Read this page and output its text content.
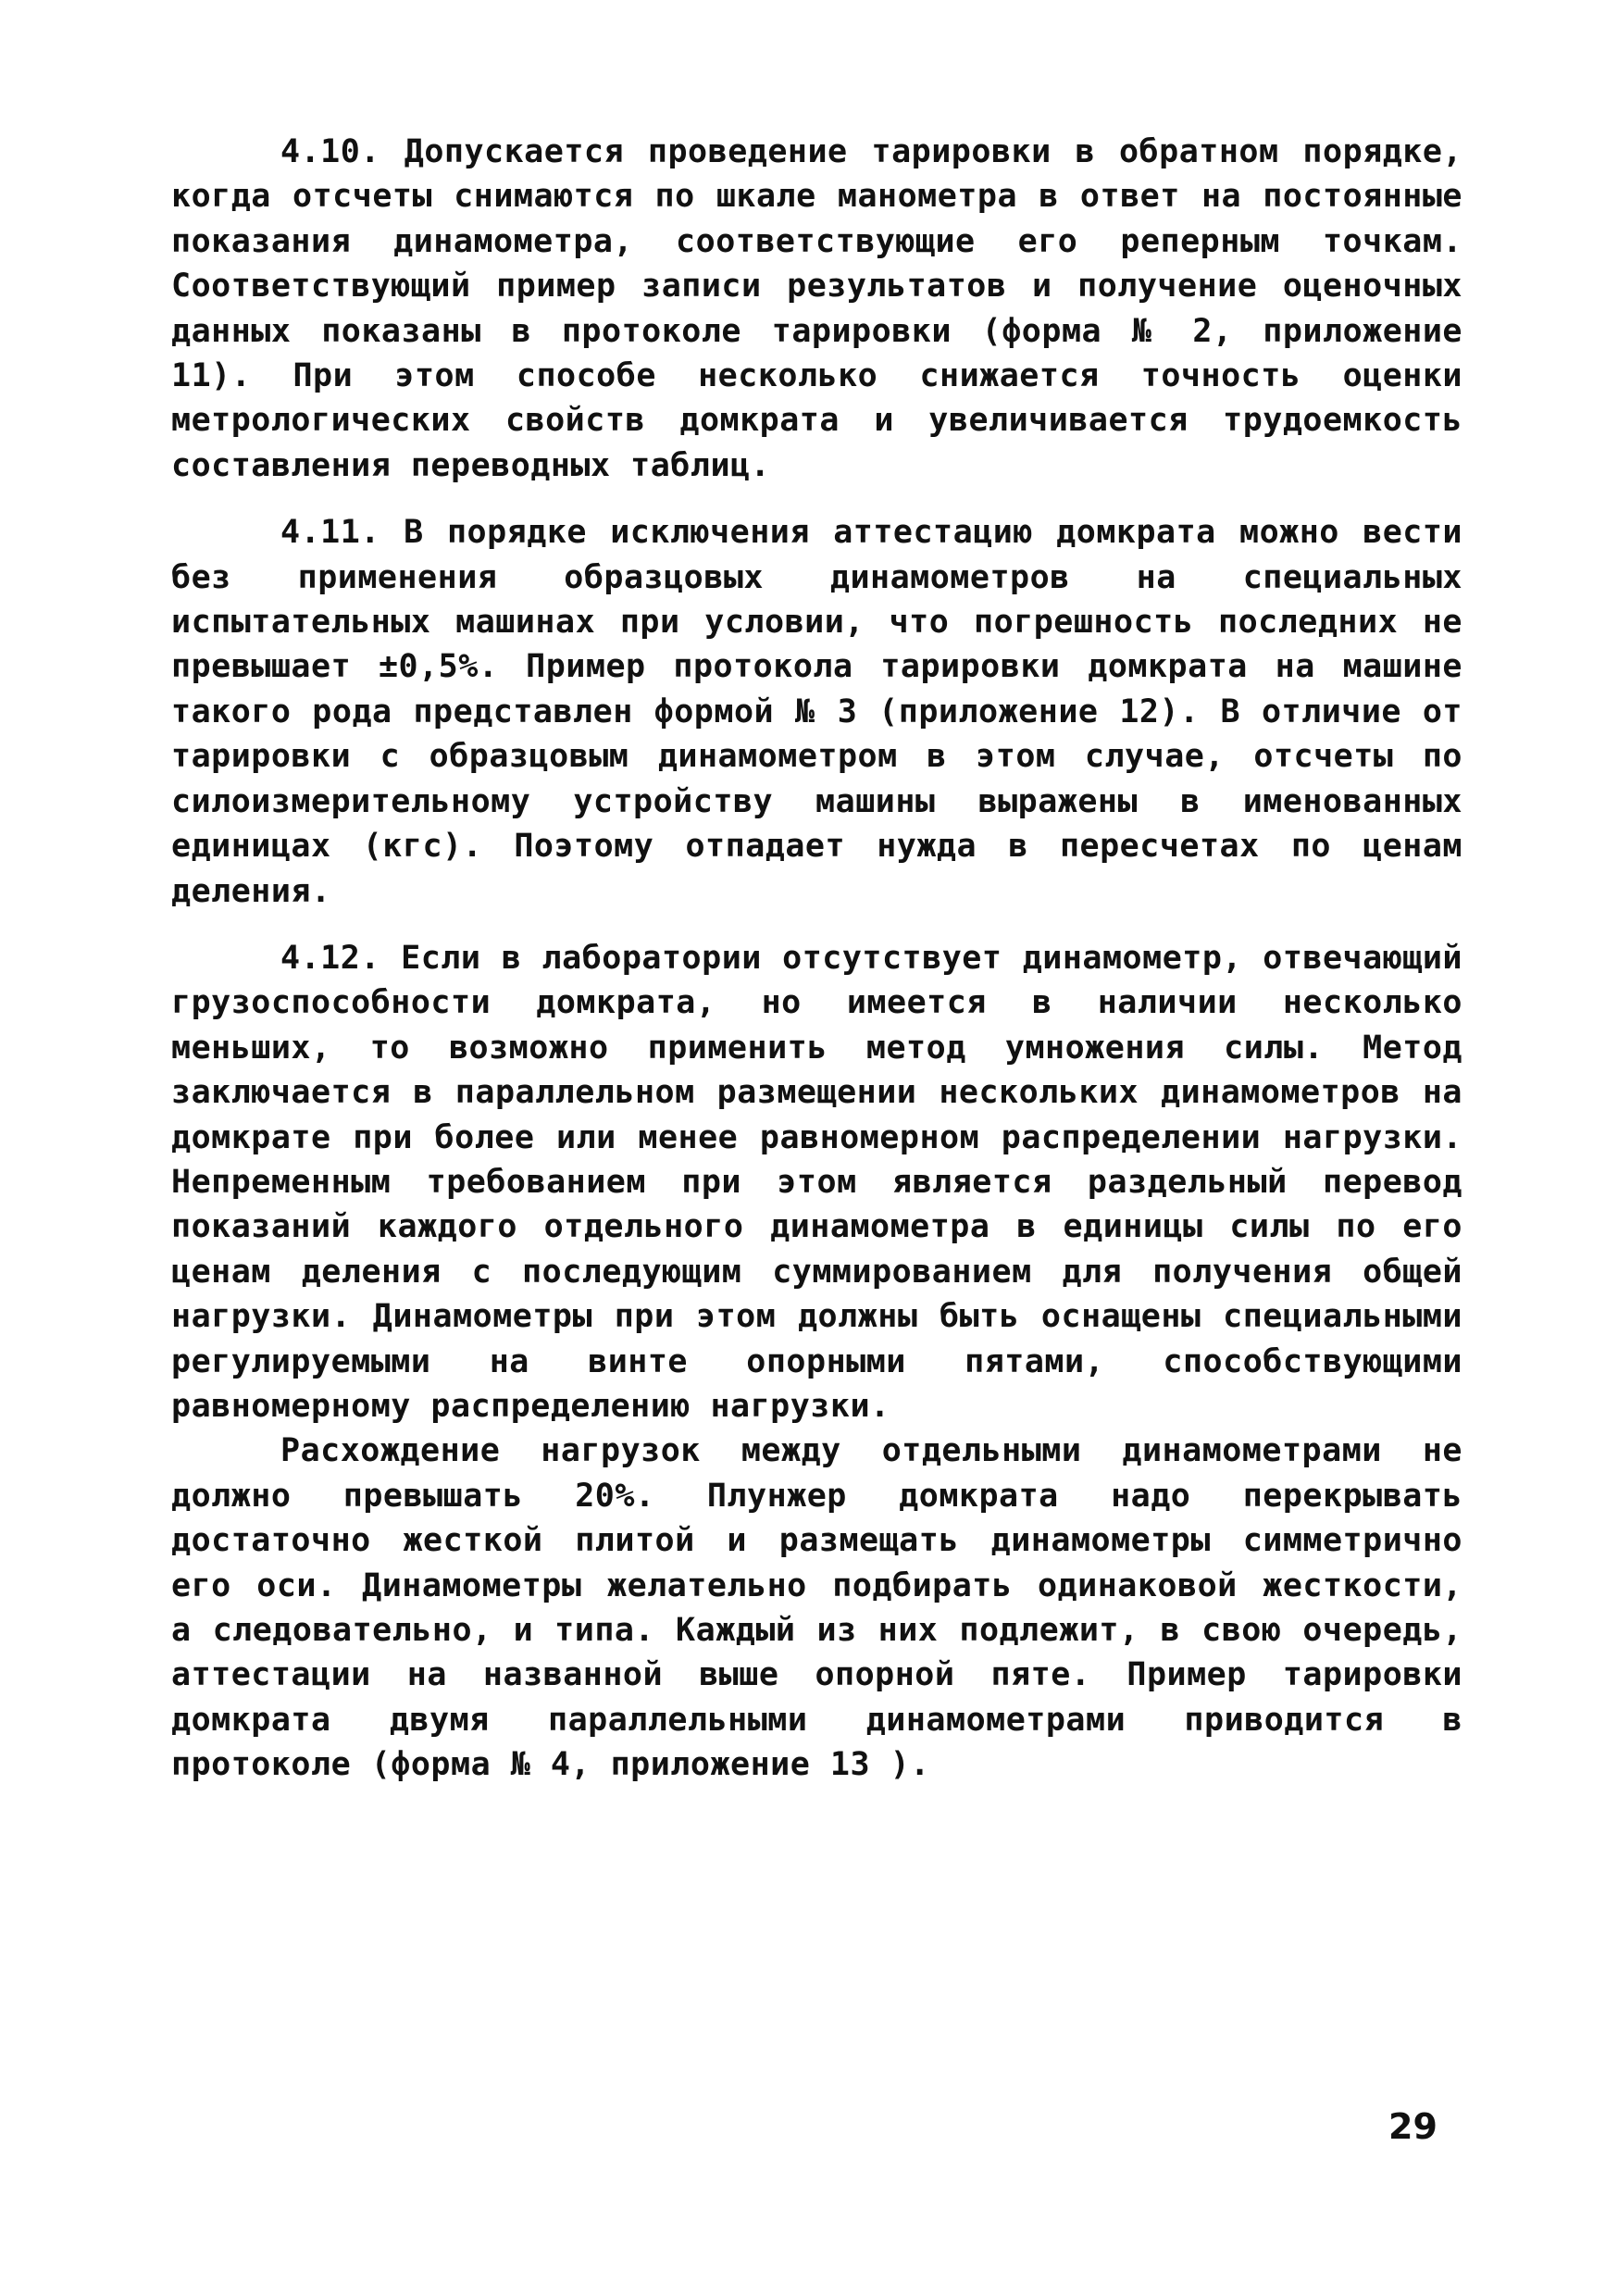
4.10. Допускается проведение тарировки в обратном порядке, когда отсчеты снимаются по шкале манометра в ответ на постоянные показания динамометра, соответствующие его реперным точкам. Соответствующий пример записи результатов и получение оценочных данных показаны в протоколе тарировки (форма № 2, приложение 11). При этом способе несколько снижается точность оценки метрологических свойств домкрата и увеличивается трудоемкость составления переводных таблиц.

4.11. В порядке исключения аттестацию домкрата можно вести без применения образцовых динамометров на специальных испытательных машинах при условии, что погрешность последних не превышает ±0,5%. Пример протокола тарировки домкрата на машине такого рода представлен формой № 3 (приложение 12). В отличие от тарировки с образцовым динамометром в этом случае, отсчеты по силоизмерительному устройству машины выражены в именованных единицах (кгс). Поэтому отпадает нужда в пересчетах по ценам деления.

4.12. Если в лаборатории отсутствует динамометр, отвечающий грузоспособности домкрата, но имеется в наличии несколько меньших, то возможно применить метод умножения силы. Метод заключается в параллельном размещении нескольких динамометров на домкрате при более или менее равномерном распределении нагрузки. Непременным требованием при этом является раздельный перевод показаний каждого отдельного динамометра в единицы силы по его ценам деления с последующим суммированием для получения общей нагрузки. Динамометры при этом должны быть оснащены специальными регулируемыми на винте опорными пятами, способствующими равномерному распределению нагрузки.

Расхождение нагрузок между отдельными динамометрами не должно превышать 20%. Плунжер домкрата надо перекрывать достаточно жесткой плитой и размещать динамометры симметрично его оси. Динамометры желательно подбирать одинаковой жесткости, а следовательно, и типа. Каждый из них подлежит, в свою очередь, аттестации на названной выше опорной пяте. Пример тарировки домкрата двумя параллельными динамометрами приводится в протоколе (форма № 4, приложение 13 ).

29
